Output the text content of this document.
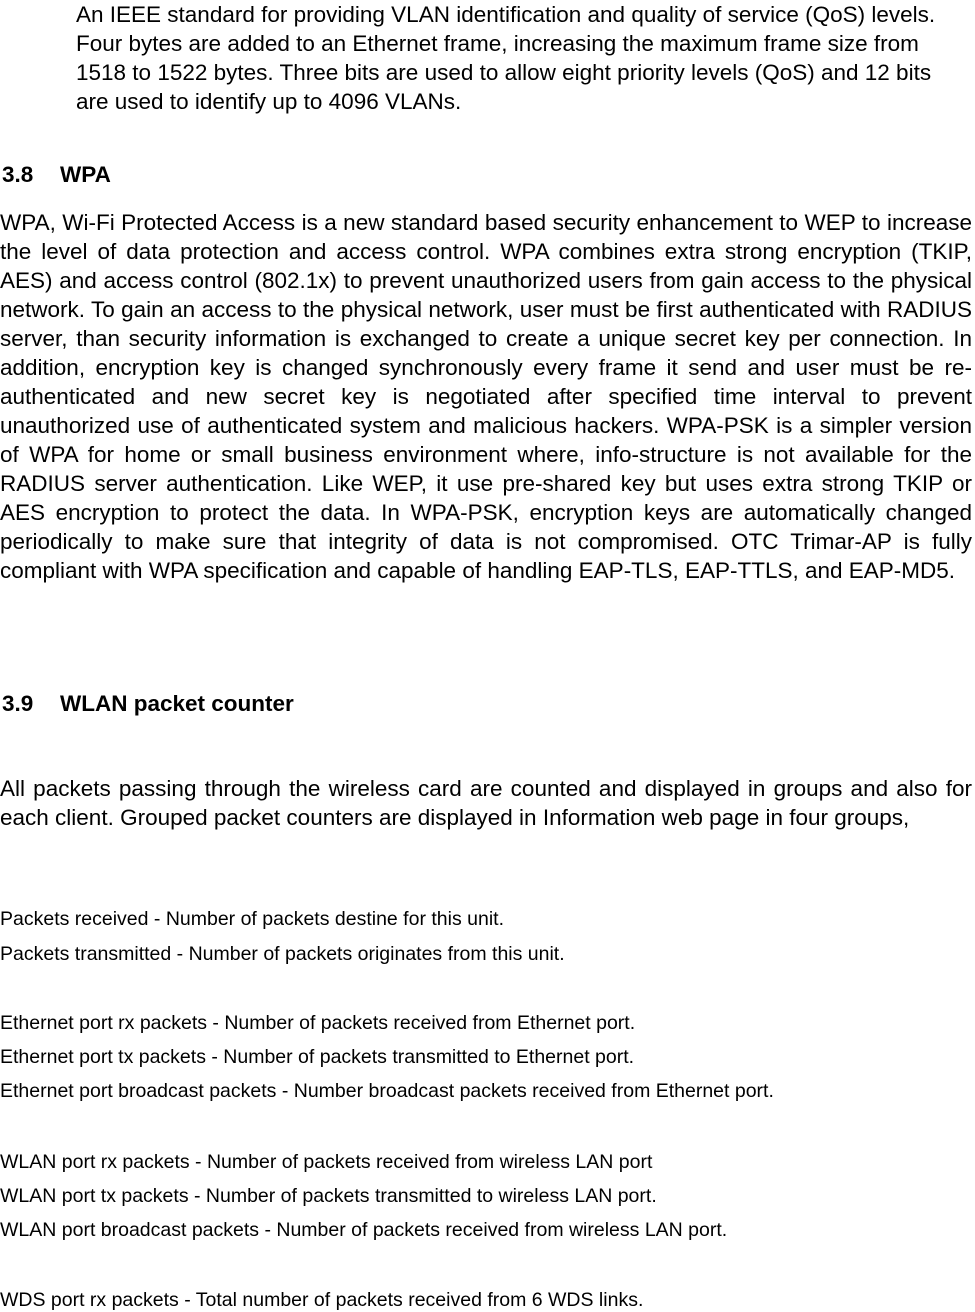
An IEEE standard for providing VLAN identification and quality of service (QoS) levels. Four bytes are added to an Ethernet frame, increasing the maximum frame size from 1518 to 1522 bytes. Three bits are used to allow eight priority levels (QoS) and 12 bits are used to identify up to 4096 VLANs.

3.8 WPA

WPA, Wi-Fi Protected Access is a new standard based security enhancement to WEP to increase the level of data protection and access control. WPA combines extra strong encryption (TKIP, AES) and access control (802.1x) to prevent unauthorized users from gain access to the physical network. To gain an access to the physical network, user must be first authenticated with RADIUS server, than security information is exchanged to create a unique secret key per connection. In addition, encryption key is changed synchronously every frame it send and user must be re-authenticated and new secret key is negotiated after specified time interval to prevent unauthorized use of authenticated system and malicious hackers. WPA-PSK is a simpler version of WPA for home or small business environment where, info-structure is not available for the RADIUS server authentication. Like WEP, it use pre-shared key but uses extra strong TKIP or AES encryption to protect the data. In WPA-PSK, encryption keys are automatically changed periodically to make sure that integrity of data is not compromised. OTC Trimar-AP is fully compliant with WPA specification and capable of handling EAP-TLS, EAP-TTLS, and EAP-MD5.

3.9 WLAN packet counter

All packets passing through the wireless card are counted and displayed in groups and also for each client. Grouped packet counters are displayed in Information web page in four groups,

Packets received - Number of packets destine for this unit.

Packets transmitted - Number of packets originates from this unit.

Ethernet port rx packets - Number of packets received from Ethernet port.

Ethernet port tx packets - Number of packets transmitted to Ethernet port.

Ethernet port broadcast packets - Number broadcast packets received from Ethernet port.

WLAN port rx packets - Number of packets received from wireless LAN port

WLAN port tx packets - Number of packets transmitted to wireless LAN port.

WLAN port broadcast packets - Number of packets received from wireless LAN port.

WDS port rx packets - Total number of packets received from 6 WDS links.
